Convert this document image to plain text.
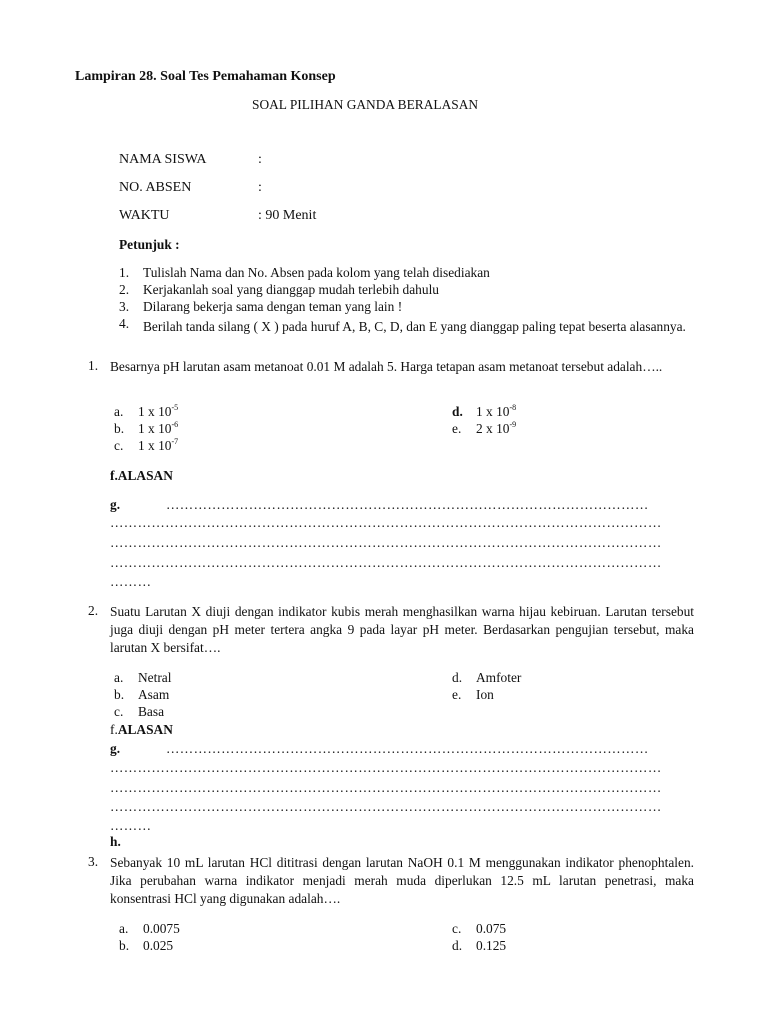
Lampiran 28. Soal Tes Pemahaman Konsep
SOAL PILIHAN GANDA BERALASAN
NAMA SISWA	:
NO. ABSEN	:
WAKTU	: 90 Menit
Petunjuk :
1. Tulislah Nama dan No. Absen pada kolom yang telah disediakan
2. Kerjakanlah soal yang dianggap mudah terlebih dahulu
3. Dilarang bekerja sama dengan teman yang lain !
4. Berilah tanda silang ( X ) pada huruf A, B, C, D, dan E yang dianggap paling tepat beserta alasannya.
1. Besarnya pH larutan asam metanoat 0.01 M adalah 5. Harga tetapan asam metanoat tersebut adalah…..
a. 1 x $10^{-5}$
b. 1 x $10^{-6}$
c. 1 x $10^{-7}$
d. 1 x $10^{-8}$
e. 2 x $10^{-9}$
f.ALASAN
g.	……………………………………………………………………………………………
…………………………………………………………………………………………………………
…………………………………………………………………………………………………………
…………………………………………………………………………………………………………
………
2. Suatu Larutan X diuji dengan indikator kubis merah menghasilkan warna hijau kebiruan. Larutan tersebut juga diuji dengan pH meter tertera angka 9 pada layar pH meter. Berdasarkan pengujian tersebut, maka larutan X bersifat….
a. Netral
b. Asam
c. Basa
d. Amfoter
e. Ion
f.ALASAN
g.	……………………………………………………………………………………………
…………………………………………………………………………………………………………
…………………………………………………………………………………………………………
…………………………………………………………………………………………………………
………
h.
3. Sebanyak 10 mL larutan HCl dititrasi dengan larutan NaOH 0.1 M menggunakan indikator phenophtalen. Jika perubahan warna indikator menjadi merah muda diperlukan 12.5 mL larutan penetrasi, maka konsentrasi HCl yang digunakan adalah….
a. 0.0075
b. 0.025
c. 0.075
d. 0.125
